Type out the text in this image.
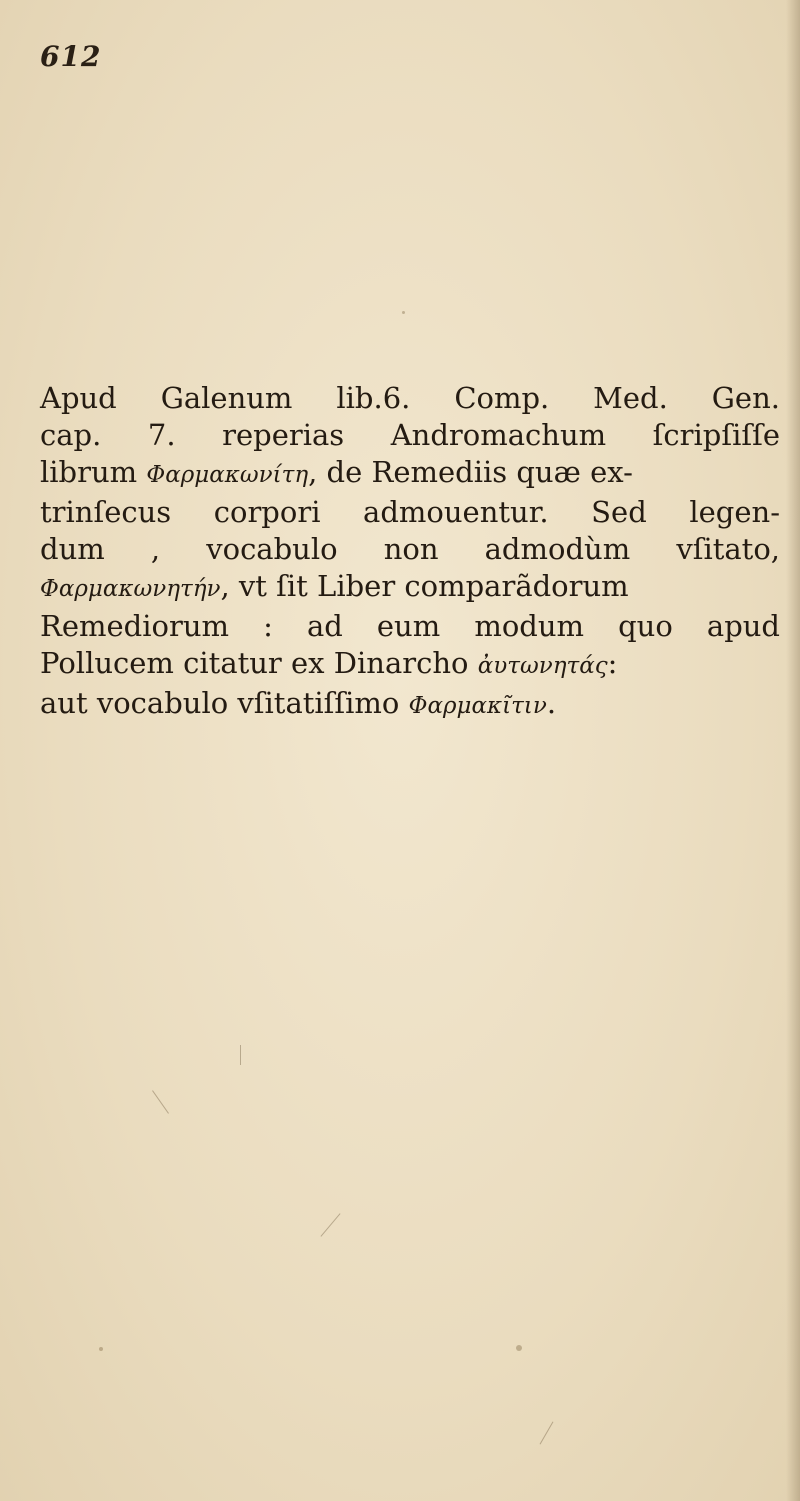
612
Apud Galenum lib.6. Comp. Med. Gen.
cap. 7. reperias Andromachum ſcripſiſſe
librum Φαρμακωνίτη, de Remediis quæ ex-
trinſecus corpori admouentur. Sed legen-
dum , vocabulo non admodùm vſitato,
Φαρμακωνητήν, vt ſit Liber comparãdorum
Remediorum : ad eum modum quo apud
Pollucem citatur ex Dinarcho ἀυτωνητάς:
aut vocabulo vſitatiſſimo Φαρμακῖτιν.
